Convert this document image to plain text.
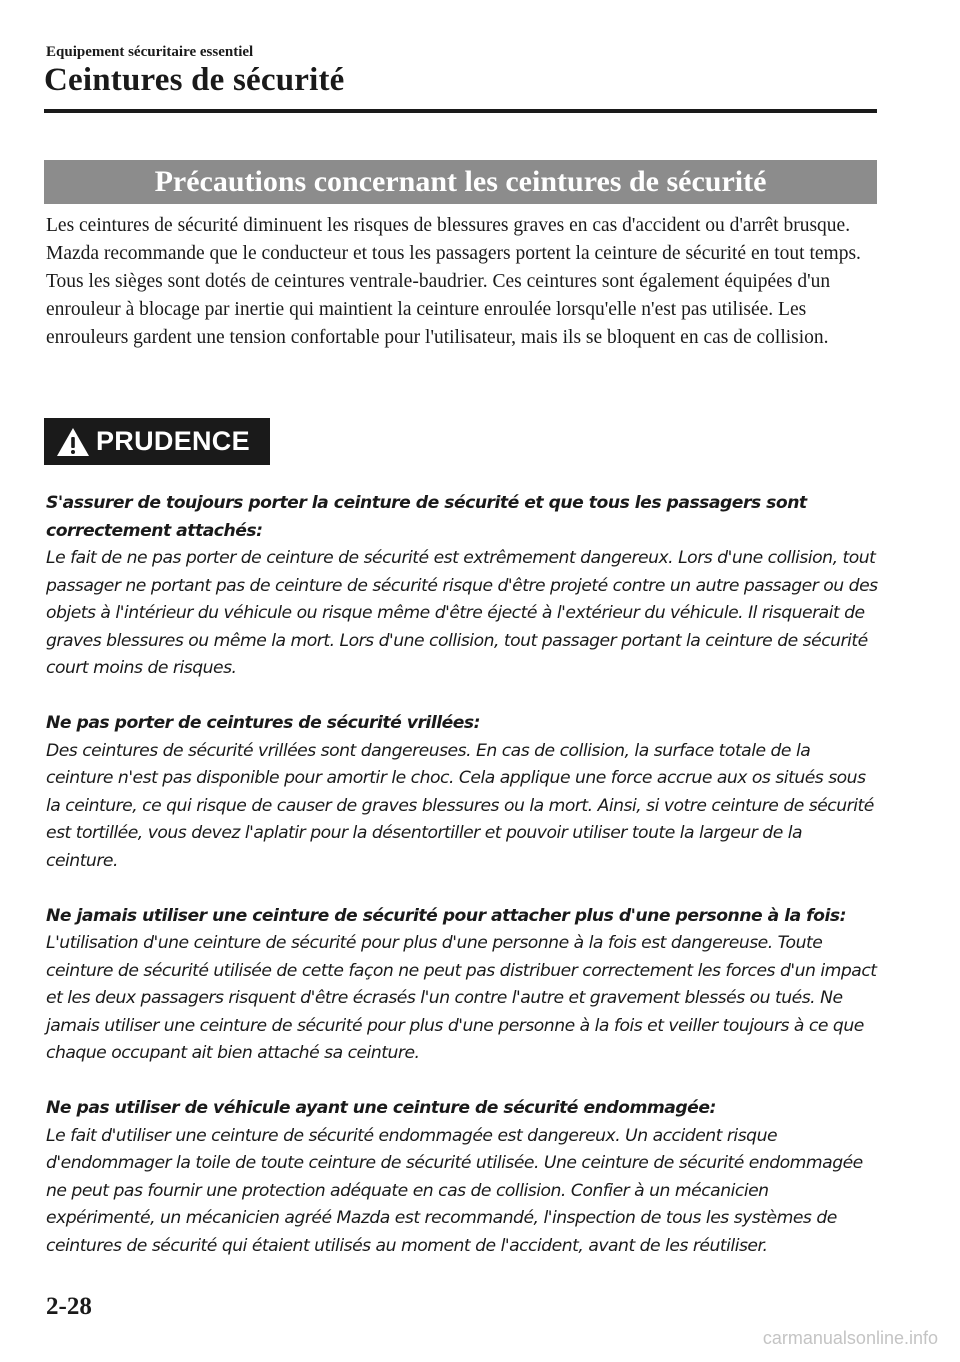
Equipement sécuritaire essentiel
Ceintures de sécurité
Précautions concernant les ceintures de sécurité

Les ceintures de sécurité diminuent les risques de blessures graves en cas d'accident ou d'arrêt brusque. Mazda recommande que le conducteur et tous les passagers portent la ceinture de sécurité en tout temps.

Tous les sièges sont dotés de ceintures ventrale-baudrier. Ces ceintures sont également équipées d'un enrouleur à blocage par inertie qui maintient la ceinture enroulée lorsqu'elle n'est pas utilisée. Les enrouleurs gardent une tension confortable pour l'utilisateur, mais ils se bloquent en cas de collision.

PRUDENCE
S'assurer de toujours porter la ceinture de sécurité et que tous les passagers sont correctement attachés:
Le fait de ne pas porter de ceinture de sécurité est extrêmement dangereux. Lors d'une collision, tout passager ne portant pas de ceinture de sécurité risque d'être projeté contre un autre passager ou des objets à l'intérieur du véhicule ou risque même d'être éjecté à l'extérieur du véhicule. Il risquerait de graves blessures ou même la mort. Lors d'une collision, tout passager portant la ceinture de sécurité court moins de risques.
Ne pas porter de ceintures de sécurité vrillées:
Des ceintures de sécurité vrillées sont dangereuses. En cas de collision, la surface totale de la ceinture n'est pas disponible pour amortir le choc. Cela applique une force accrue aux os situés sous la ceinture, ce qui risque de causer de graves blessures ou la mort. Ainsi, si votre ceinture de sécurité est tortillée, vous devez l'aplatir pour la désentortiller et pouvoir utiliser toute la largeur de la ceinture.
Ne jamais utiliser une ceinture de sécurité pour attacher plus d'une personne à la fois:
L'utilisation d'une ceinture de sécurité pour plus d'une personne à la fois est dangereuse. Toute ceinture de sécurité utilisée de cette façon ne peut pas distribuer correctement les forces d'un impact et les deux passagers risquent d'être écrasés l'un contre l'autre et gravement blessés ou tués. Ne jamais utiliser une ceinture de sécurité pour plus d'une personne à la fois et veiller toujours à ce que chaque occupant ait bien attaché sa ceinture.
Ne pas utiliser de véhicule ayant une ceinture de sécurité endommagée:
Le fait d'utiliser une ceinture de sécurité endommagée est dangereux. Un accident risque d'endommager la toile de toute ceinture de sécurité utilisée. Une ceinture de sécurité endommagée ne peut pas fournir une protection adéquate en cas de collision. Confier à un mécanicien expérimenté, un mécanicien agréé Mazda est recommandé, l'inspection de tous les systèmes de ceintures de sécurité qui étaient utilisés au moment de l'accident, avant de les réutiliser.
2-28
carmanualsonline.info
